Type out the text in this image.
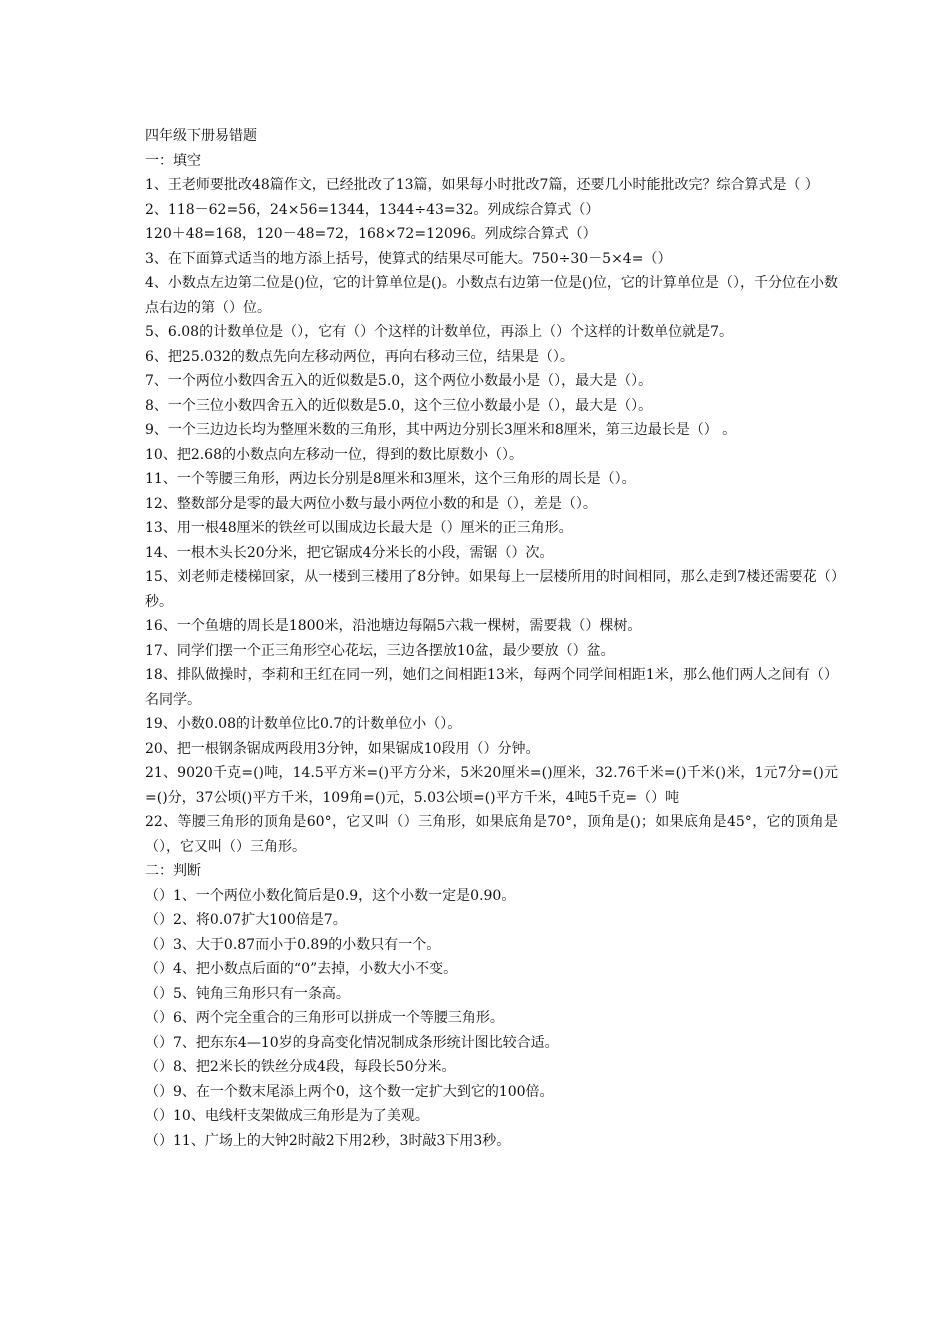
四年级下册易错题

一：填空

1、王老师要批改48篇作文，已经批改了13篇，如果每小时批改7篇，还要几小时能批改完？综合算式是（ ）

2、118－62=56，24×56=1344，1344÷43=32。列成综合算式（）

120＋48=168，120－48=72，168×72=12096。列成综合算式（）

3、在下面算式适当的地方添上括号，使算式的结果尽可能大。750÷30－5×4=（）

4、小数点左边第二位是()位，它的计算单位是()。小数点右边第一位是()位，它的计算单位是（），千分位在小数点右边的第（）位。

5、6.08的计数单位是（），它有（）个这样的计数单位，再添上（）个这样的计数单位就是7。

6、把25.032的数点先向左移动两位，再向右移动三位，结果是（）。

7、一个两位小数四舍五入的近似数是5.0，这个两位小数最小是（），最大是（）。

8、一个三位小数四舍五入的近似数是5.0，这个三位小数最小是（），最大是（）。

9、一个三边边长均为整厘米数的三角形，其中两边分别长3厘米和8厘米，第三边最长是（） 。

10、把2.68的小数点向左移动一位，得到的数比原数小（）。

11、一个等腰三角形，两边长分别是8厘米和3厘米，这个三角形的周长是（）。

12、整数部分是零的最大两位小数与最小两位小数的和是（），差是（）。

13、用一根48厘米的铁丝可以围成边长最大是（）厘米的正三角形。

14、一根木头长20分米，把它锯成4分米长的小段，需锯（）次。

15、刘老师走楼梯回家，从一楼到三楼用了8分钟。如果每上一层楼所用的时间相同，那么走到7楼还需要花（）秒。

16、一个鱼塘的周长是1800米，沿池塘边每隔5六栽一棵树，需要栽（）棵树。

17、同学们摆一个正三角形空心花坛，三边各摆放10盆，最少要放（）盆。

18、排队做操时，李莉和王红在同一列，她们之间相距13米，每两个同学间相距1米，那么他们两人之间有（）名同学。

19、小数0.08的计数单位比0.7的计数单位小（）。

20、把一根钢条锯成两段用3分钟，如果锯成10段用（）分钟。

21、9020千克=()吨，14.5平方米=()平方分米，5米20厘米=()厘米，32.76千米=()千米()米，1元7分=()元=()分，37公顷()平方千米，109角=()元，5.03公顷=()平方千米，4吨5千克=（）吨

22、等腰三角形的顶角是60°，它又叫（）三角形，如果底角是70°，顶角是()；如果底角是45°，它的顶角是（），它又叫（）三角形。

二：判断

（）1、一个两位小数化简后是0.9，这个小数一定是0.90。

（）2、将0.07扩大100倍是7。

（）3、大于0.87而小于0.89的小数只有一个。

（）4、把小数点后面的“0”去掉，小数大小不变。

（）5、钝角三角形只有一条高。

（）6、两个完全重合的三角形可以拼成一个等腰三角形。

（）7、把东东4—10岁的身高变化情况制成条形统计图比较合适。

（）8、把2米长的铁丝分成4段，每段长50分米。

（）9、在一个数末尾添上两个0，这个数一定扩大到它的100倍。

（）10、电线杆支架做成三角形是为了美观。

（）11、广场上的大钟2时敲2下用2秒，3时敲3下用3秒。
